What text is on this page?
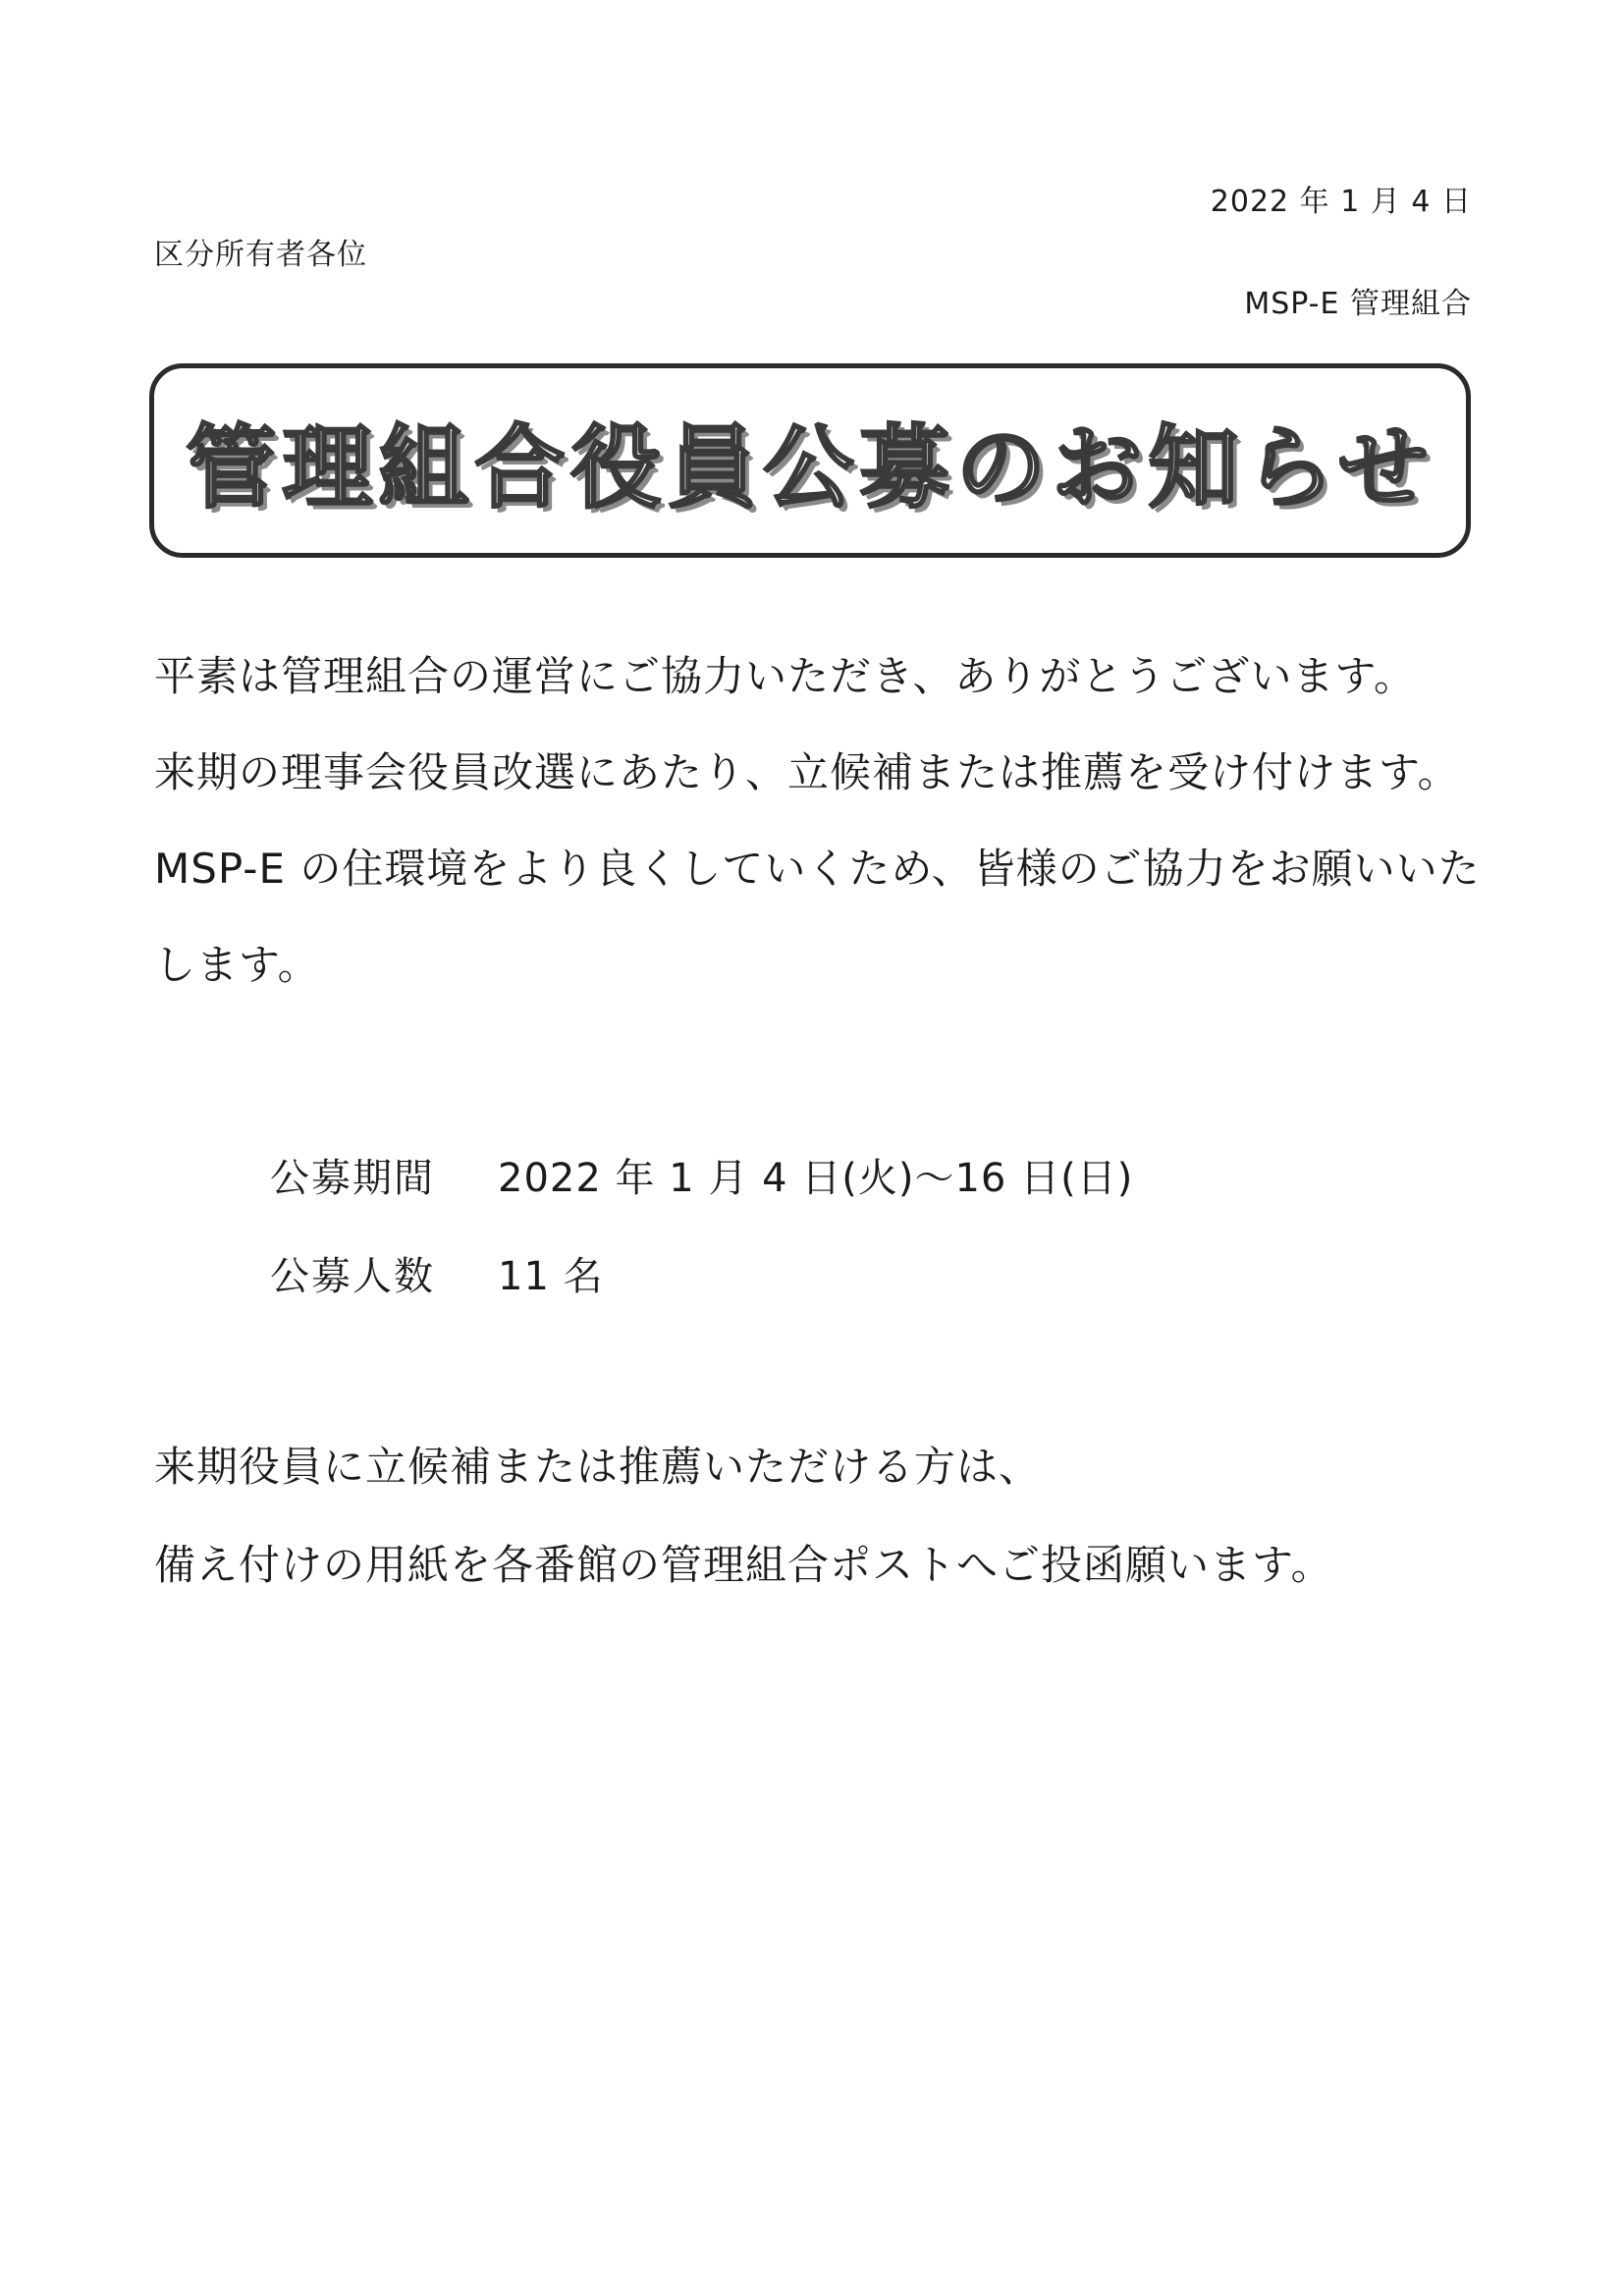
2022 年 1 月 4 日
区分所有者各位
MSP-E 管理組合
管理組合役員公募のお知らせ

平素は管理組合の運営にご協力いただき、ありがとうございます。

来期の理事会役員改選にあたり、立候補または推薦を受け付けます。

MSP-E の住環境をより良くしていくため、皆様のご協力をお願いいた

します。

公募期間	2022 年 1 月 4 日(火)～16 日(日)
公募人数	11 名

来期役員に立候補または推薦いただける方は、

備え付けの用紙を各番館の管理組合ポストへご投函願います。
